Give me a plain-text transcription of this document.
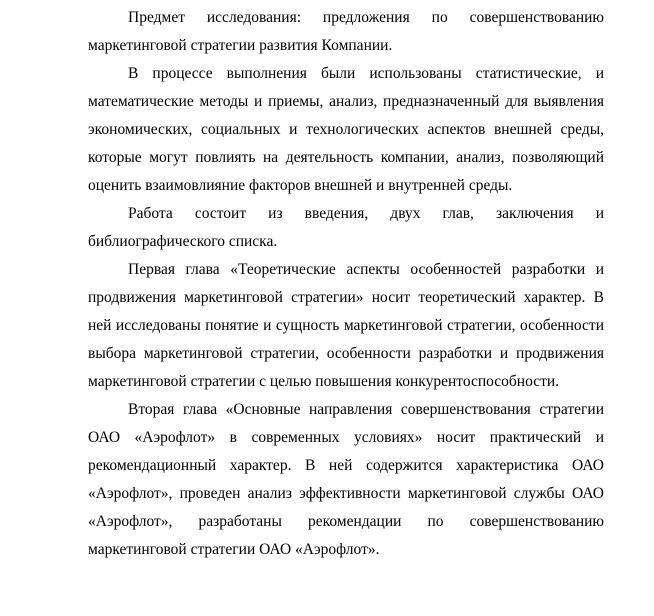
Предмет исследования: предложения по совершенствованию маркетинговой стратегии развития Компании.

В процессе выполнения были использованы статистические, и математические методы и приемы, анализ, предназначенный для выявления экономических, социальных и технологических аспектов внешней среды, которые могут повлиять на деятельность компании, анализ, позволяющий оценить взаимовлияние факторов внешней и внутренней среды.

Работа состоит из введения, двух глав, заключения и библиографического списка.

Первая глава «Теоретические аспекты особенностей разработки и продвижения маркетинговой стратегии» носит теоретический характер. В ней исследованы понятие и сущность маркетинговой стратегии, особенности выбора маркетинговой стратегии, особенности разработки и продвижения маркетинговой стратегии с целью повышения конкурентоспособности.

Вторая глава «Основные направления совершенствования стратегии ОАО «Аэрофлот» в современных условиях» носит практический и рекомендационный характер. В ней содержится характеристика ОАО «Аэрофлот», проведен анализ эффективности маркетинговой службы ОАО «Аэрофлот», разработаны рекомендации по совершенствованию маркетинговой стратегии ОАО «Аэрофлот».
